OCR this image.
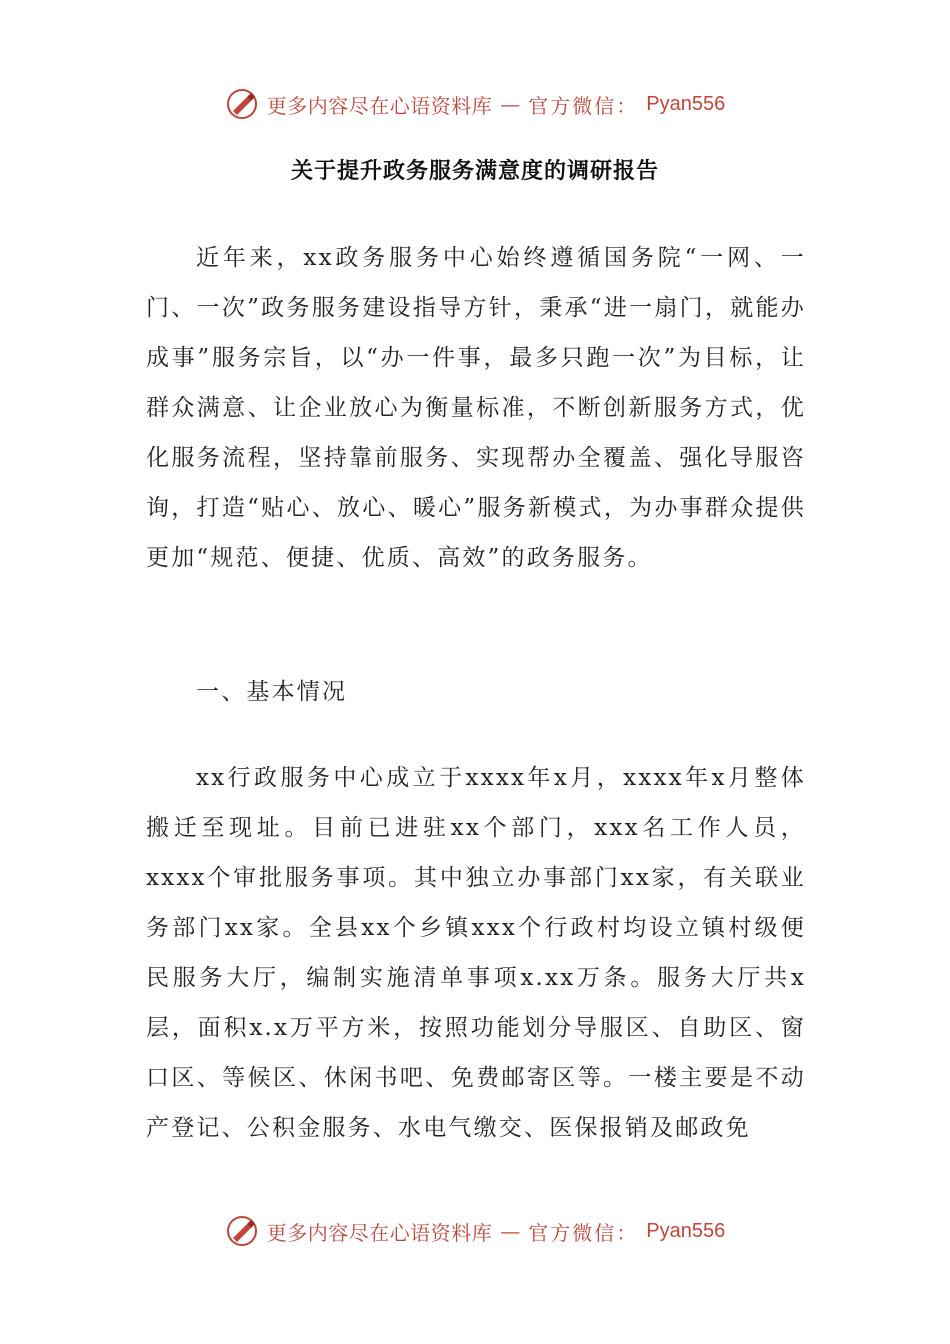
更多内容尽在心语资料库 — 官方微信： Pyan556
关于提升政务服务满意度的调研报告

近年来，xx政务服务中心始终遵循国务院“一网、一门、一次”政务服务建设指导方针，秉承“进一扇门，就能办成事”服务宗旨，以“办一件事，最多只跑一次”为目标，让群众满意、让企业放心为衡量标准，不断创新服务方式，优化服务流程，坚持靠前服务、实现帮办全覆盖、强化导服咨询，打造“贴心、放心、暖心”服务新模式，为办事群众提供更加“规范、便捷、优质、高效”的政务服务。

一、基本情况

xx行政服务中心成立于xxxx年x月，xxxx年x月整体搬迁至现址。目前已进驻xx个部门，xxx名工作人员，xxxx个审批服务事项。其中独立办事部门xx家，有关联业务部门xx家。全县xx个乡镇xxx个行政村均设立镇村级便民服务大厅，编制实施清单事项x.xx万条。服务大厅共x层，面积x.x万平方米，按照功能划分导服区、自助区、窗口区、等候区、休闲书吧、免费邮寄区等。一楼主要是不动产登记、公积金服务、水电气缴交、医保报销及邮政免

更多内容尽在心语资料库 — 官方微信： Pyan556
